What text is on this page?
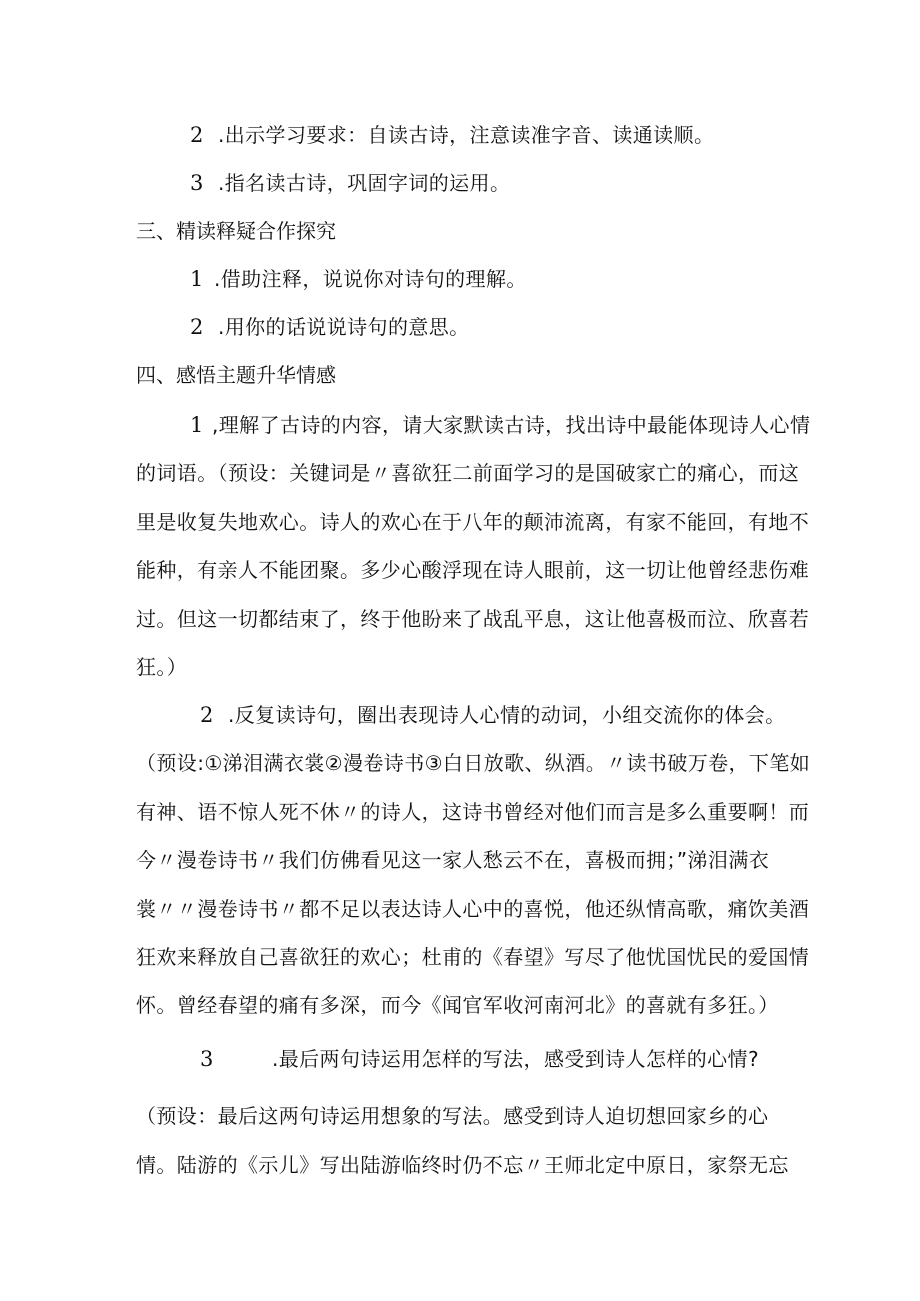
2 .出示学习要求：自读古诗，注意读准字音、读通读顺。
3 .指名读古诗，巩固字词的运用。
三、精读释疑合作探究
1 .借助注释，说说你对诗句的理解。
2 .用你的话说说诗句的意思。
四、感悟主题升华情感
1 ,理解了古诗的内容，请大家默读古诗，找出诗中最能体现诗人心情
的词语。（预设：关键词是〃喜欲狂二前面学习的是国破家亡的痛心，而这
里是收复失地欢心。诗人的欢心在于八年的颠沛流离，有家不能回，有地不
能种，有亲人不能团聚。多少心酸浮现在诗人眼前，这一切让他曾经悲伤难
过。但这一切都结束了，终于他盼来了战乱平息，这让他喜极而泣、欣喜若
狂。）
2 .反复读诗句，圈出表现诗人心情的动词，小组交流你的体会。
（预设:①涕泪满衣裳②漫卷诗书③白日放歌、纵酒。〃读书破万卷，下笔如
有神、语不惊人死不休〃的诗人，这诗书曾经对他们而言是多么重要啊！而
今〃漫卷诗书〃我们仿佛看见这一家人愁云不在，喜极而拥；”涕泪满衣
裳〃〃漫卷诗书〃都不足以表达诗人心中的喜悦，他还纵情高歌，痛饮美酒
狂欢来释放自己喜欲狂的欢心；杜甫的《春望》写尽了他忧国忧民的爱国情
怀。曾经春望的痛有多深，而今《闻官军收河南河北》的喜就有多狂。）
3	.最后两句诗运用怎样的写法，感受到诗人怎样的心情?
（预设：最后这两句诗运用想象的写法。感受到诗人迫切想回家乡的心
情。陆游的《示儿》写出陆游临终时仍不忘〃王师北定中原日，家祭无忘
